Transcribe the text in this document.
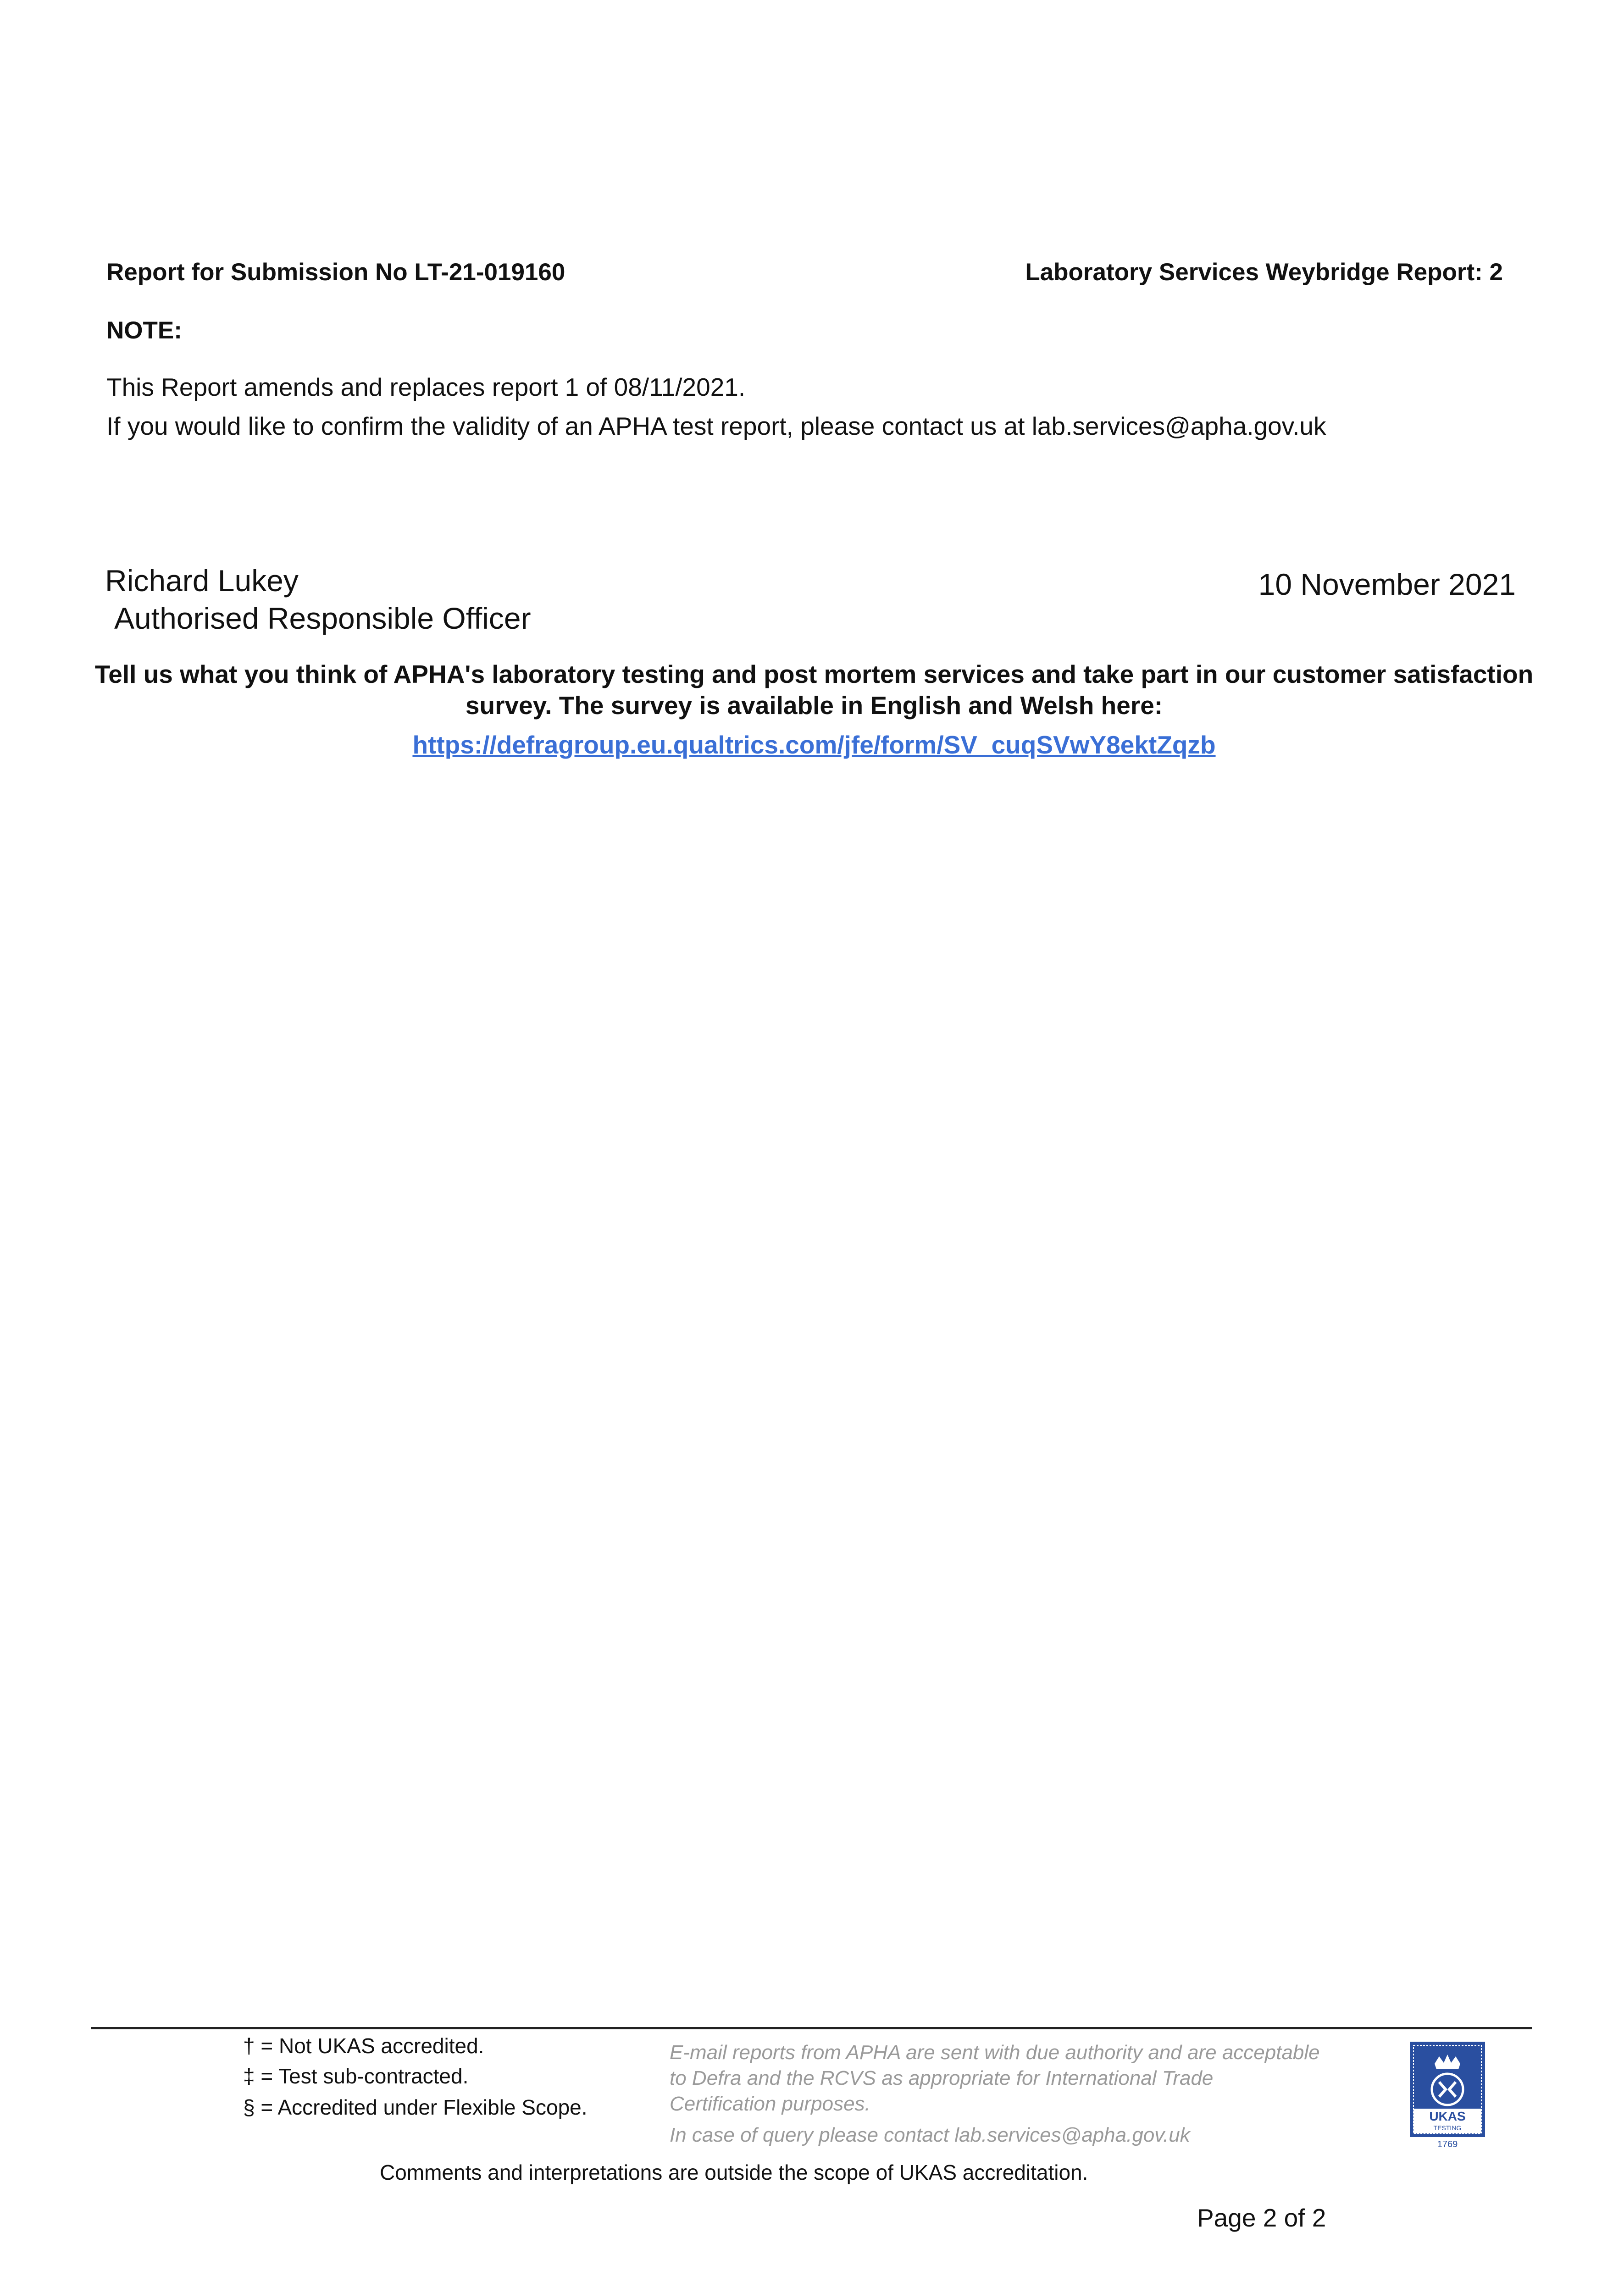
Report for Submission No LT-21-019160	Laboratory Services Weybridge Report: 2
NOTE:
This Report amends and replaces report 1 of 08/11/2021.
If you would like to confirm the validity of an APHA test report, please contact us at lab.services@apha.gov.uk
Richard Lukey
Authorised Responsible Officer
10 November 2021
Tell us what you think of APHA's laboratory testing and post mortem services and take part in our customer satisfaction survey. The survey is available in English and Welsh here:
https://defragroup.eu.qualtrics.com/jfe/form/SV_cuqSVwY8ektZqzb
† = Not UKAS accredited.
‡ = Test sub-contracted.
§ = Accredited under Flexible Scope.
E-mail reports from APHA are sent with due authority and are acceptable to Defra and the RCVS as appropriate for International Trade Certification purposes.
In case of query please contact lab.services@apha.gov.uk
Comments and interpretations are outside the scope of UKAS accreditation.
Page 2 of 2
UKAS
TESTING
1769
